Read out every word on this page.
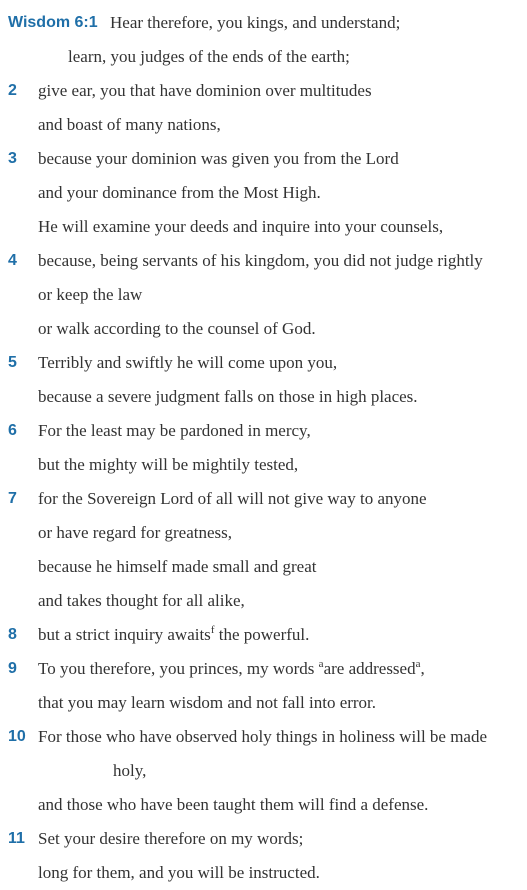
Wisdom 6:1 Hear therefore, you kings, and understand;
learn, you judges of the ends of the earth;
2 give ear, you that have dominion over multitudes
and boast of many nations,
3 because your dominion was given you from the Lord
and your dominance from the Most High.
He will examine your deeds and inquire into your counsels,
4 because, being servants of his kingdom, you did not judge rightly
or keep the law
or walk according to the counsel of God.
5 Terribly and swiftly he will come upon you,
because a severe judgment falls on those in high places.
6 For the least may be pardoned in mercy,
but the mighty will be mightily tested,
7 for the Sovereign Lord of all will not give way to anyone
or have regard for greatness,
because he himself made small and great
and takes thought for all alike,
8 but a strict inquiry awaits$^f$ the powerful.
9 To you therefore, you princes, my words $^a$are addressed$^a$,
that you may learn wisdom and not fall into error.
10 For those who have observed holy things in holiness will be made
holy,
and those who have been taught them will find a defense.
11 Set your desire therefore on my words;
long for them, and you will be instructed.
